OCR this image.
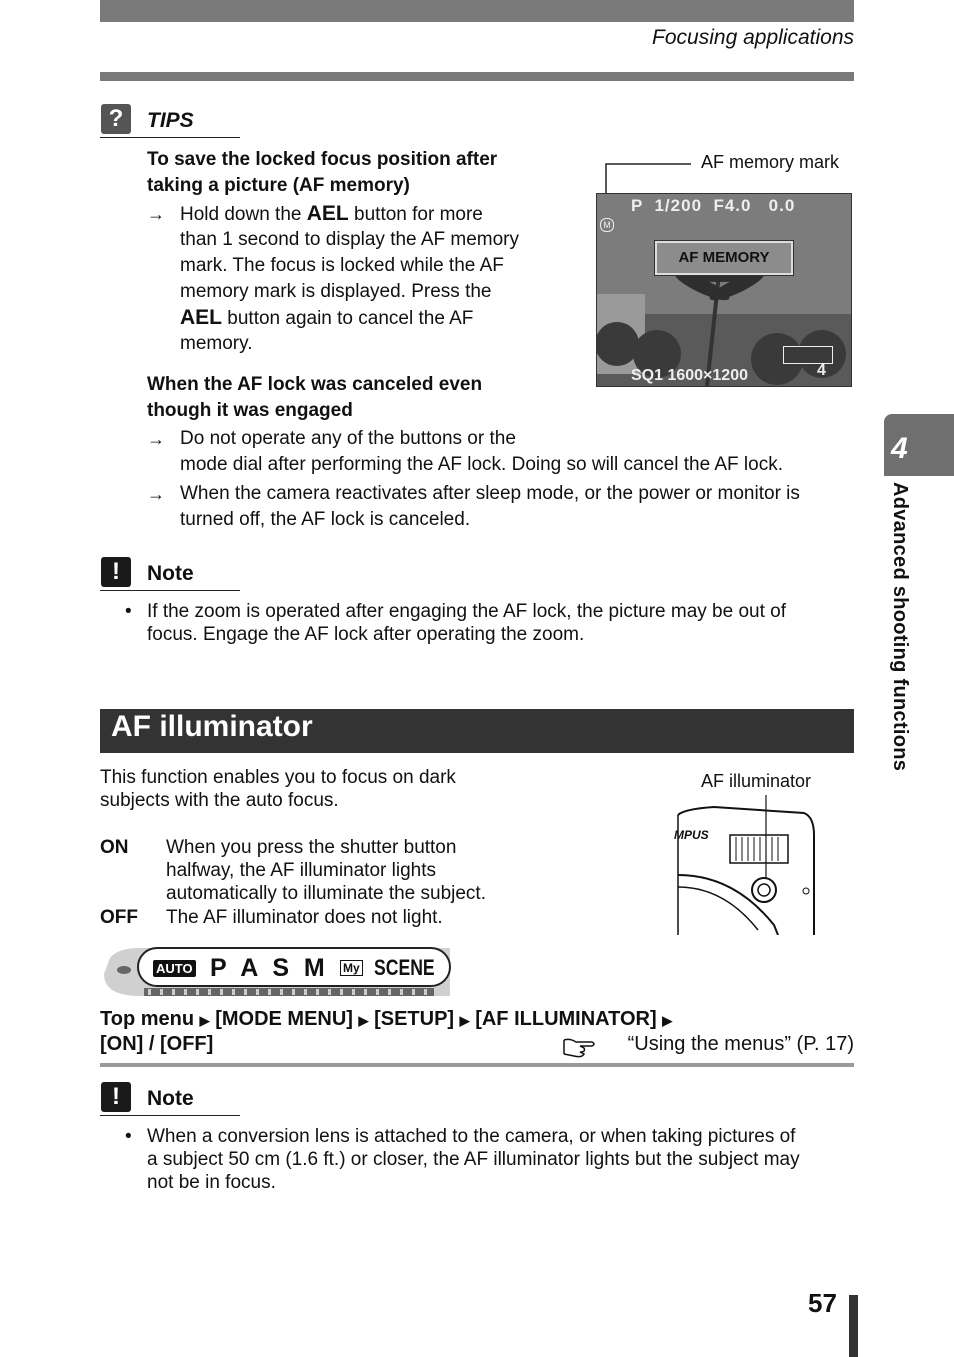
Focusing applications
?	TIPS
To save the locked focus position after
taking a picture (AF memory)
→ Hold down the AEL button for more
than 1 second to display the AF memory
mark. The focus is locked while the AF
memory mark is displayed. Press the
AEL button again to cancel the AF
memory.
When the AF lock was canceled even
though it was engaged
→ Do not operate any of the buttons or the
mode dial after performing the AF lock. Doing so will cancel the AF lock.
→ When the camera reactivates after sleep mode, or the power or monitor is
turned off, the AF lock is canceled.
AF memory mark
P  1/200  F4.0   0.0
M
AF MEMORY
4
SQ1 1600×1200
!	Note
• If the zoom is operated after engaging the AF lock, the picture may be out of
focus. Engage the AF lock after operating the zoom.
AF illuminator
This function enables you to focus on dark
subjects with the auto focus.
ON When you press the shutter button
halfway, the AF illuminator lights
automatically to illuminate the subject.
OFF The AF illuminator does not light.
AF illuminator
MPUS
AUTO P A S M My SCENE
Top menu ▶ [MODE MENU] ▶ [SETUP] ▶ [AF ILLUMINATOR] ▶
[ON] / [OFF]	“Using the menus” (P. 17)
!	Note
• When a conversion lens is attached to the camera, or when taking pictures of
a subject 50 cm (1.6 ft.) or closer, the AF illuminator lights but the subject may
not be in focus.
4
Advanced shooting functions
57
